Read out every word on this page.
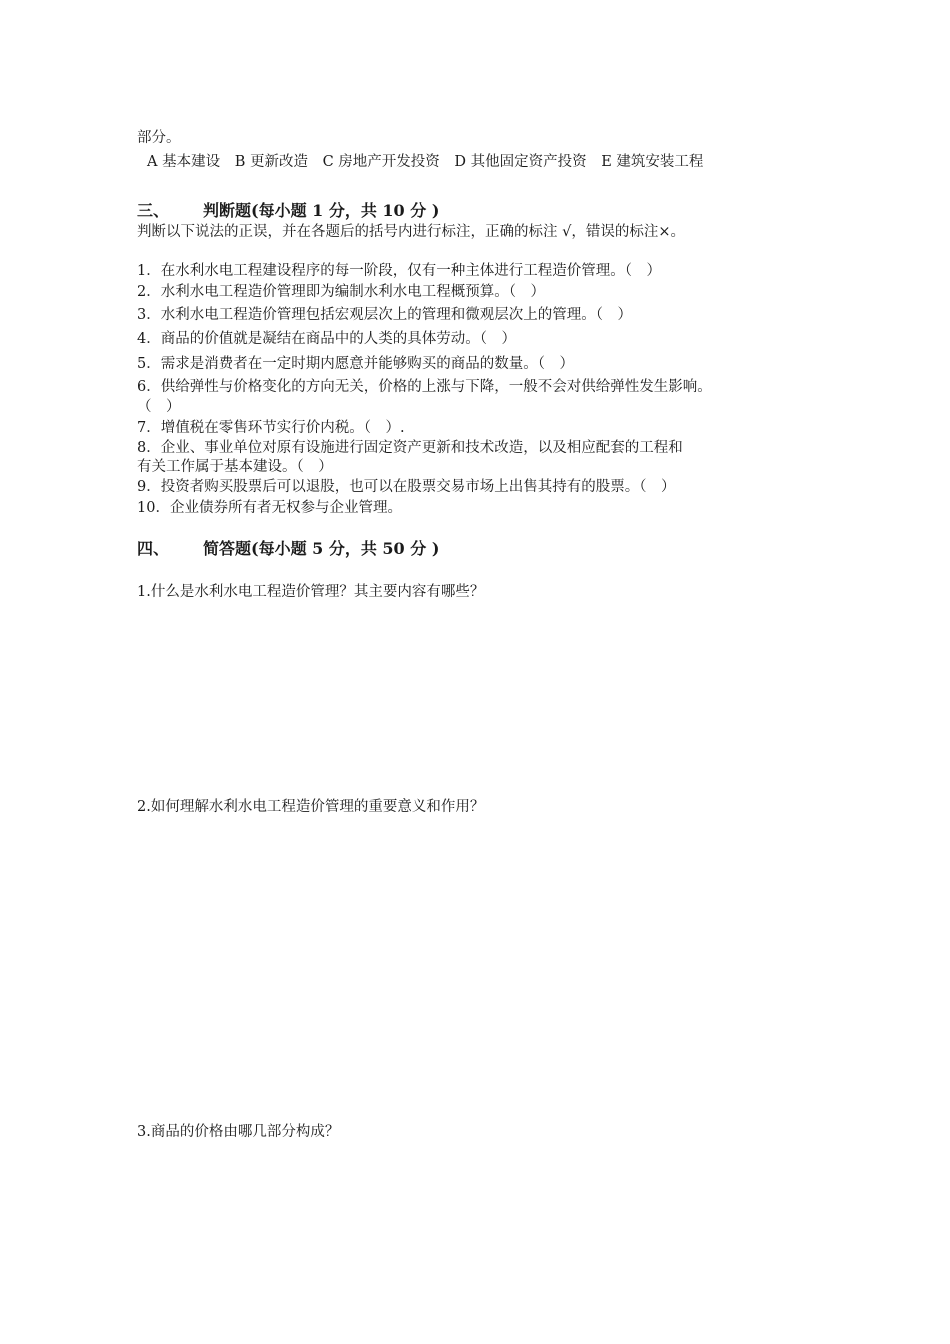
部分。
A 基本建设 B 更新改造 C 房地产开发投资 D 其他固定资产投资 E 建筑安装工程
三、 判断题(每小题 1 分，共 10 分 )
判断以下说法的正误，并在各题后的括号内进行标注，正确的标注 √，错误的标注×。
1．在水利水电工程建设程序的每一阶段，仅有一种主体进行工程造价管理。（　）
2．水利水电工程造价管理即为编制水利水电工程概预算。（　）
3．水利水电工程造价管理包括宏观层次上的管理和微观层次上的管理。（　）
4．商品的价值就是凝结在商品中的人类的具体劳动。（　）
5．需求是消费者在一定时期内愿意并能够购买的商品的数量。（　）
6．供给弹性与价格变化的方向无关，价格的上涨与下降，一般不会对供给弹性发生影响。
（　）
7．增值税在零售环节实行价内税。（　）.
8．企业、事业单位对原有设施进行固定资产更新和技术改造，以及相应配套的工程和
有关工作属于基本建设。（　）
9．投资者购买股票后可以退股，也可以在股票交易市场上出售其持有的股票。（　）
10．企业债券所有者无权参与企业管理。
四、 简答题(每小题 5 分，共 50 分 )
1.什么是水利水电工程造价管理？其主要内容有哪些？
2.如何理解水利水电工程造价管理的重要意义和作用？
3.商品的价格由哪几部分构成？
